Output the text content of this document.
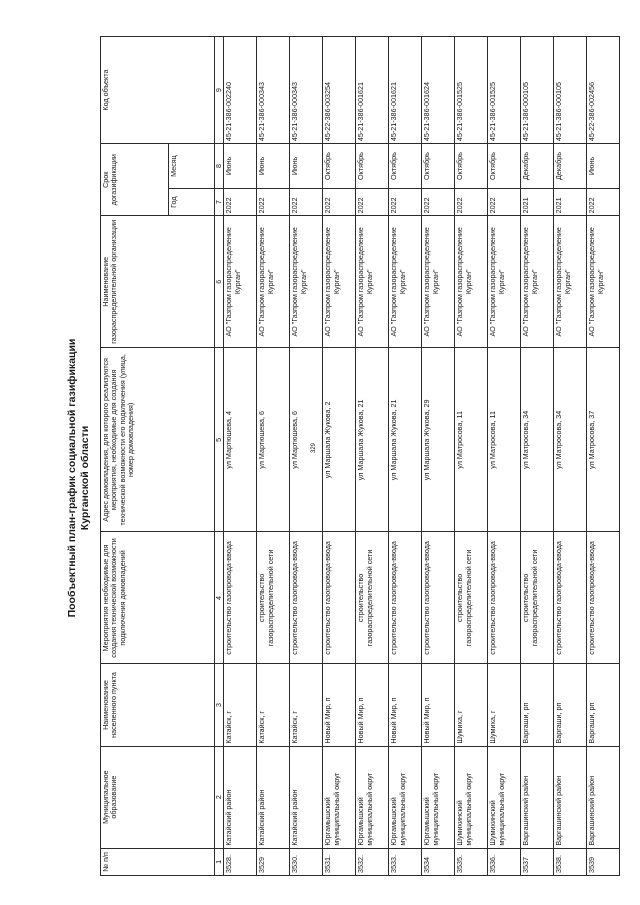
329
Пообъектный план-график социальной газификации Курганской области
№ п/п	Муниципальное образование	Наименование населенного пункта	Мероприятия необходимые для создания технической возможности подключения домовладений	Адрес домовладения, для которого реализуются мероприятия, необходимые для создания технической возможности его подключения (улица, номер домовладения)	Наименование газораспределительной организации	Срок догазификации		Код объекта
						Год	Месяц	
1	2	3	4	5	6	7	8	9
3528.	Катайский район	Катайск, г	строительство газопровода-ввода	ул Мартюшева, 4	АО "Газпром газораспределение Курган"	2022	Июнь	45-21-386-002240
3529	Катайский район	Катайск, г	строительство газораспределительной сети	ул Мартюшева, 6	АО "Газпром газораспределение Курган"	2022	Июнь	45-21-386-000343
3530.	Катайский район	Катайск, г	строительство газопровода-ввода	ул Мартюшева, 6	АО "Газпром газораспределение Курган"	2022	Июнь	45-21-386-000343
3531.	Юргамышский муниципальный округ	Новый Мир, п	строительство газопровода-ввода	ул Маршала Жукова, 2	АО "Газпром газораспределение Курган"	2022	Октябрь	45-22-386-003254
3532.	Юргамышский муниципальный округ	Новый Мир, п	строительство газораспределительной сети	ул Маршала Жукова, 21	АО "Газпром газораспределение Курган"	2022	Октябрь	45-21-386-001621
3533.	Юргамышский муниципальный округ	Новый Мир, п	строительство газопровода-ввода	ул Маршала Жукова, 21	АО "Газпром газораспределение Курган"	2022	Октябрь	45-21-386-001621
3534	Юргамышский муниципальный округ	Новый Мир, п	строительство газопровода-ввода	ул Маршала Жукова, 29	АО "Газпром газораспределение Курган"	2022	Октябрь	45-21-386-001624
3535.	Шумихинский муниципальный округ	Шумиха, г	строительство газораспределительной сети	ул Матросова, 11	АО "Газпром газораспределение Курган"	2022	Октябрь	45-21-386-001525
3536.	Шумихинский муниципальный округ	Шумиха, г	строительство газопровода-ввода	ул Матросова, 11	АО "Газпром газораспределение Курган"	2022	Октябрь	45-21-386-001525
3537	Варгашинский район	Варгаши, рп	строительство газораспределительной сети	ул Матросова, 34	АО "Газпром газораспределение Курган"	2021	Декабрь	45-21-386-000105
3538.	Варгашинский район	Варгаши, рп	строительство газопровода-ввода	ул Матросова, 34	АО "Газпром газораспределение Курган"	2021	Декабрь	45-21-386-000105
3539	Варгашинский район	Варгаши, рп	строительство газопровода-ввода	ул Матросова, 37	АО "Газпром газораспределение Курган"	2022	Июнь	45-22-386-002456
